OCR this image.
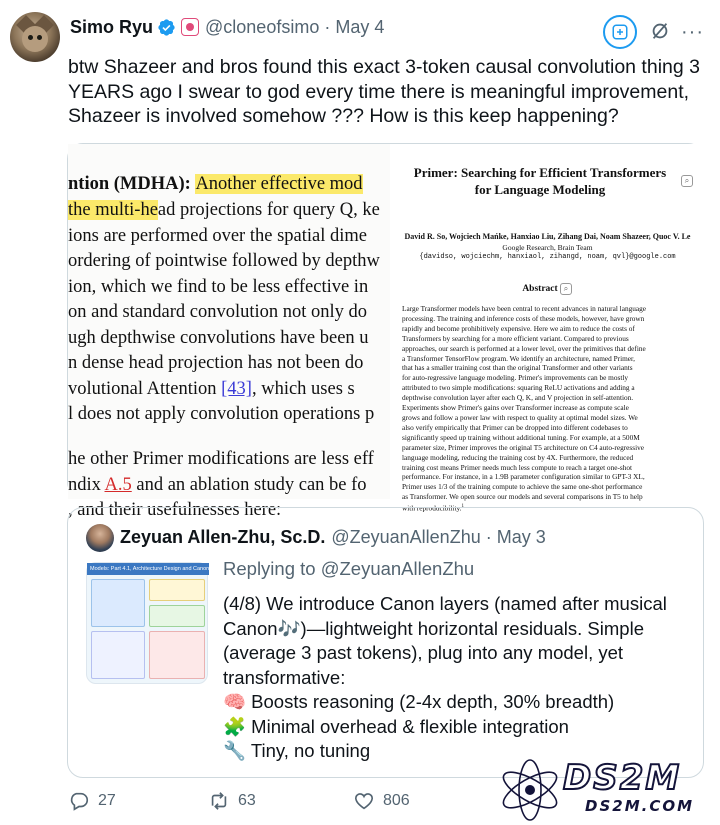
Simo Ryu	@cloneofsimo · May 4	···
btw Shazeer and bros found this exact 3-token causal convolution thing 3
YEARS ago I swear to god every time there is meaningful improvement,
Shazeer is involved somehow ??? How is this keep happening?
ntion (MDHA): Another effective mod
the multi-head projections for query Q, ke
ions are performed over the spatial dime
ordering of pointwise followed by depthw
ion, which we find to be less effective in
on and standard convolution not only do
ugh depthwise convolutions have been u
n dense head projection has not been do
volutional Attention [43], which uses s
l does not apply convolution operations p
he other Primer modifications are less eff
ndix A.5 and an ablation study can be fo
, and their usefulnesses here:
Primer: Searching for Efficient Transformers
for Language Modeling
⌕
David R. So, Wojciech Mańke, Hanxiao Liu, Zihang Dai, Noam Shazeer, Quoc V. Le
Google Research, Brain Team
{davidso, wojciechm, hanxiaol, zihangd, noam, qvl}@google.com
Abstract ⌕
Large Transformer models have been central to recent advances in natural language
processing. The training and inference costs of these models, however, have grown
rapidly and become prohibitively expensive. Here we aim to reduce the costs of
Transformers by searching for a more efficient variant. Compared to previous
approaches, our search is performed at a lower level, over the primitives that define
a Transformer TensorFlow program. We identify an architecture, named Primer,
that has a smaller training cost than the original Transformer and other variants
for auto-regressive language modeling. Primer's improvements can be mostly
attributed to two simple modifications: squaring ReLU activations and adding a
depthwise convolution layer after each Q, K, and V projection in self-attention.
Experiments show Primer's gains over Transformer increase as compute scale
grows and follow a power law with respect to quality at optimal model sizes. We
also verify empirically that Primer can be dropped into different codebases to
significantly speed up training without additional tuning. For example, at a 500M
parameter size, Primer improves the original T5 architecture on C4 auto-regressive
language modeling, reducing the training cost by 4X. Furthermore, the reduced
training cost means Primer needs much less compute to reach a target one-shot
performance. For instance, in a 1.9B parameter configuration similar to GPT-3 XL,
Primer uses 1/3 of the training compute to achieve the same one-shot performance
as Transformer. We open source our models and several comparisons in T5 to help
with reproducibility.$^1$
Zeyuan Allen-Zhu, Sc.D. @ZeyuanAllenZhu · May 3
Models: Part 4.1, Architecture Design and Canon La Replying to @ZeyuanAllenZhu
(4/8) We introduce Canon layers (named after musical
Canon🎶)—lightweight horizontal residuals. Simple
(average 3 past tokens), plug into any model, yet
transformative:
🧠 Boosts reasoning (2-4x depth, 30% breadth)
🧩 Minimal overhead & flexible integration
🔧 Tiny, no tuning
27	63	806
DS2M
DS2M.COM
